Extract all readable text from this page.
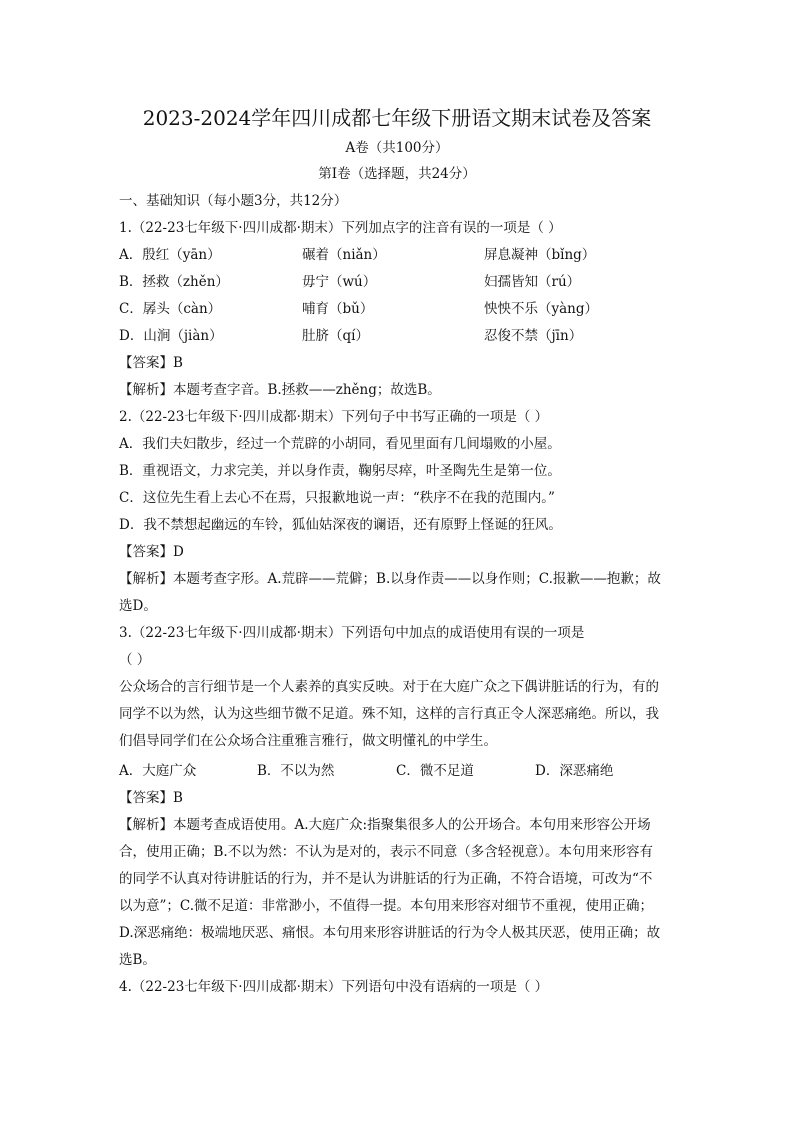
2023-2024学年四川成都七年级下册语文期末试卷及答案
A卷（共100分）
第Ⅰ卷（选择题，共24分）
一、基础知识（每小题3分，共12分）
1.（22-23七年级下·四川成都·期末）下列加点字的注音有误的一项是（ ）
A．殷红（yān）	碾着（niǎn）	屏息凝神（bǐng）
B．拯救（zhěn）	毋宁（wú）	妇孺皆知（rú）
C．孱头（càn）	哺育（bǔ）	怏怏不乐（yàng）
D．山涧（jiàn）	肚脐（qí）	忍俊不禁（jīn）
【答案】B
【解析】本题考查字音。B.拯救——zhěng；故选B。
2.（22-23七年级下·四川成都·期末）下列句子中书写正确的一项是（ ）
A．我们夫妇散步，经过一个荒辟的小胡同，看见里面有几间塌败的小屋。
B．重视语文，力求完美，并以身作责，鞠躬尽瘁，叶圣陶先生是第一位。
C．这位先生看上去心不在焉，只报歉地说一声：“秩序不在我的范围内。”
D．我不禁想起幽远的车铃，狐仙姑深夜的谰语，还有原野上怪诞的狂风。
【答案】D
【解析】本题考查字形。A.荒辟——荒僻；B.以身作责——以身作则；C.报歉——抱歉；故
选D。
3.（22-23七年级下·四川成都·期末）下列语句中加点的成语使用有误的一项是
（ ）
公众场合的言行细节是一个人素养的真实反映。对于在大庭广众之下偶讲脏话的行为，有的
同学不以为然，认为这些细节微不足道。殊不知，这样的言行真正令人深恶痛绝。所以，我
们倡导同学们在公众场合注重雅言雅行，做文明懂礼的中学生。
A．大庭广众	B．不以为然	C．微不足道	D．深恶痛绝
【答案】B
【解析】本题考查成语使用。A.大庭广众:指聚集很多人的公开场合。本句用来形容公开场
合，使用正确；B.不以为然：不认为是对的，表示不同意（多含轻视意）。本句用来形容有
的同学不认真对待讲脏话的行为，并不是认为讲脏话的行为正确，不符合语境，可改为“不
以为意”；C.微不足道：非常渺小，不值得一提。本句用来形容对细节不重视，使用正确；
D.深恶痛绝：极端地厌恶、痛恨。本句用来形容讲脏话的行为令人极其厌恶，使用正确；故
选B。
4.（22-23七年级下·四川成都·期末）下列语句中没有语病的一项是（ ）
